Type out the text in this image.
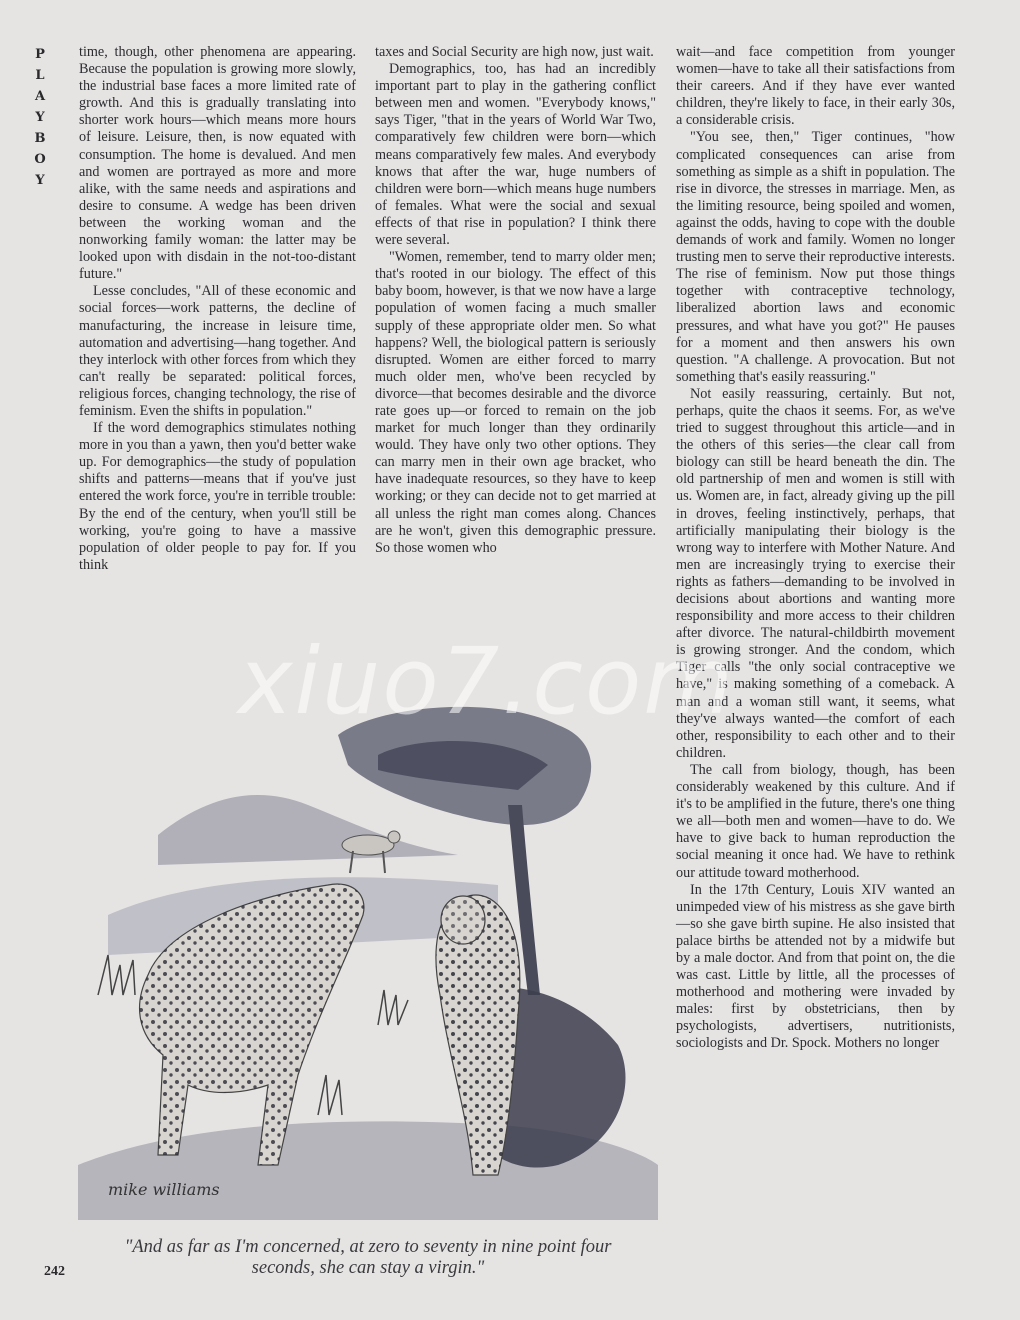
P
L
A
Y
B
O
Y

time, though, other phenomena are appearing. Because the population is growing more slowly, the industrial base faces a more limited rate of growth. And this is gradually translating into shorter work hours—which means more hours of leisure. Leisure, then, is now equated with consumption. The home is devalued. And men and women are portrayed as more and more alike, with the same needs and aspirations and desire to consume. A wedge has been driven between the working woman and the nonworking family woman: the latter may be looked upon with disdain in the not-too-distant future."

Lesse concludes, "All of these economic and social forces—work patterns, the decline of manufacturing, the increase in leisure time, automation and advertising—hang together. And they interlock with other forces from which they can't really be separated: political forces, religious forces, changing technology, the rise of feminism. Even the shifts in population."

If the word demographics stimulates nothing more in you than a yawn, then you'd better wake up. For demographics—the study of population shifts and patterns—means that if you've just entered the work force, you're in terrible trouble: By the end of the century, when you'll still be working, you're going to have a massive population of older people to pay for. If you think

taxes and Social Security are high now, just wait.

Demographics, too, has had an incredibly important part to play in the gathering conflict between men and women. "Everybody knows," says Tiger, "that in the years of World War Two, comparatively few children were born—which means comparatively few males. And everybody knows that after the war, huge numbers of children were born—which means huge numbers of females. What were the social and sexual effects of that rise in population? I think there were several.

"Women, remember, tend to marry older men; that's rooted in our biology. The effect of this baby boom, however, is that we now have a large population of women facing a much smaller supply of these appropriate older men. So what happens? Well, the biological pattern is seriously disrupted. Women are either forced to marry much older men, who've been recycled by divorce—that becomes desirable and the divorce rate goes up—or forced to remain on the job market for much longer than they ordinarily would. They have only two other options. They can marry men in their own age bracket, who have inadequate resources, so they have to keep working; or they can decide not to get married at all unless the right man comes along. Chances are he won't, given this demographic pressure. So those women who

wait—and face competition from younger women—have to take all their satisfactions from their careers. And if they have ever wanted children, they're likely to face, in their early 30s, a considerable crisis.

"You see, then," Tiger continues, "how complicated consequences can arise from something as simple as a shift in population. The rise in divorce, the stresses in marriage. Men, as the limiting resource, being spoiled and women, against the odds, having to cope with the double demands of work and family. Women no longer trusting men to serve their reproductive interests. The rise of feminism. Now put those things together with contraceptive technology, liberalized abortion laws and economic pressures, and what have you got?" He pauses for a moment and then answers his own question. "A challenge. A provocation. But not something that's easily reassuring."

Not easily reassuring, certainly. But not, perhaps, quite the chaos it seems. For, as we've tried to suggest throughout this article—and in the others of this series—the clear call from biology can still be heard beneath the din. The old partnership of men and women is still with us. Women are, in fact, already giving up the pill in droves, feeling instinctively, perhaps, that artificially manipulating their biology is the wrong way to interfere with Mother Nature. And men are increasingly trying to exercise their rights as fathers—demanding to be involved in decisions about abortions and wanting more responsibility and more access to their children after divorce. The natural-childbirth movement is growing stronger. And the condom, which Tiger calls "the only social contraceptive we have," is making something of a comeback. A man and a woman still want, it seems, what they've always wanted—the comfort of each other, responsibility to each other and to their children.

The call from biology, though, has been considerably weakened by this culture. And if it's to be amplified in the future, there's one thing we all—both men and women—have to do. We have to give back to human reproduction the social meaning it once had. We have to rethink our attitude toward motherhood.

In the 17th Century, Louis XIV wanted an unimpeded view of his mistress as she gave birth—so she gave birth supine. He also insisted that palace births be attended not by a midwife but by a male doctor. And from that point on, the die was cast. Little by little, all the processes of motherhood and mothering were invaded by males: first by obstetricians, then by psychologists, advertisers, nutritionists, sociologists and Dr. Spock. Mothers no longer

mike williams
"And as far as I'm concerned, at zero to seventy in nine point four seconds, she can stay a virgin."
242
xiuo7.com
